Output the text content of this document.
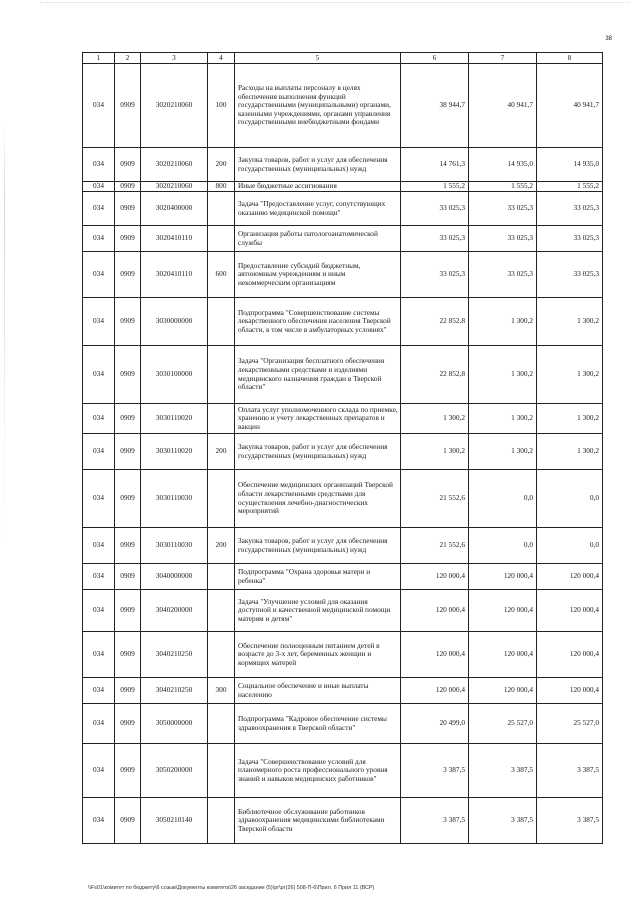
38
1	2	3	4	5	6	7	8
034	0909	3020210060	100	Расходы на выплаты персоналу в целях обеспечения выполнения функций государственными (муниципальными) органами, казенными учреждениями, органами управления государственными внебюджетными фондами	38 944,7	40 941,7	40 941,7
034	0909	3020210060	200	Закупка товаров, работ и услуг для обеспечения государственных (муниципальных) нужд	14 761,3	14 935,0	14 935,0
034	0909	3020210060	800	Иные бюджетные ассигнования	1 555,2	1 555,2	1 555,2
034	0909	3020400000		Задача "Предоставление услуг, сопутствующих оказанию медицинской помощи"	33 025,3	33 025,3	33 025,3
034	0909	3020410110		Организация работы патологоанатомической службы	33 025,3	33 025,3	33 025,3
034	0909	3020410110	600	Предоставление субсидий бюджетным, автономным учреждениям и иным некоммерческим организациям	33 025,3	33 025,3	33 025,3
034	0909	3030000000		Подпрограмма "Совершенствование системы лекарственного обеспечения населения Тверской области, в том числе в амбулаторных условиях"	22 852,8	1 300,2	1 300,2
034	0909	3030100000		Задача "Организация бесплатного обеспечения лекарственными средствами и изделиями медицинского назначения граждан в Тверской области"	22 852,8	1 300,2	1 300,2
034	0909	3030110020		Оплата услуг уполномоченного склада по приемке, хранению и учету лекарственных препаратов и вакцин	1 300,2	1 300,2	1 300,2
034	0909	3030110020	200	Закупка товаров, работ и услуг для обеспечения государственных (муниципальных) нужд	1 300,2	1 300,2	1 300,2
034	0909	3030110030		Обеспечение медицинских организаций Тверской области лекарственными средствами для осуществления лечебно-диагностических мероприятий	21 552,6	0,0	0,0
034	0909	3030110030	200	Закупка товаров, работ и услуг для обеспечения государственных (муниципальных) нужд	21 552,6	0,0	0,0
034	0909	3040000000		Подпрограмма "Охрана здоровья матери и ребенка"	120 000,4	120 000,4	120 000,4
034	0909	3040200000		Задача "Улучшение условий для оказания доступной и качественной медицинской помощи матерям и детям"	120 000,4	120 000,4	120 000,4
034	0909	3040210250		Обеспечение полноценным питанием детей в возрасте до 3-х лет, беременных женщин и кормящих матерей	120 000,4	120 000,4	120 000,4
034	0909	3040210250	300	Социальное обеспечение и иные выплаты населению	120 000,4	120 000,4	120 000,4
034	0909	3050000000		Подпрограмма "Кадровое обеспечение системы здравоохранения в Тверской области"	20 499,0	25 527,0	25 527,0
034	0909	3050200000		Задача "Совершенствование условий для планомерного роста профессионального уровня знаний и навыков медицинских работников"	3 387,5	3 387,5	3 387,5
034	0909	3050210140		Библиотечное обслуживание работников здравоохранения медицинскими библиотеками Тверской области	3 387,5	3 387,5	3 387,5
\\Fs01\комитет по бюджету\6 созыв\Документы комитета\26 заседание (5)\рг\рг(26) 508-П-6\Прил. 6 Прил 11 (ВСР)
